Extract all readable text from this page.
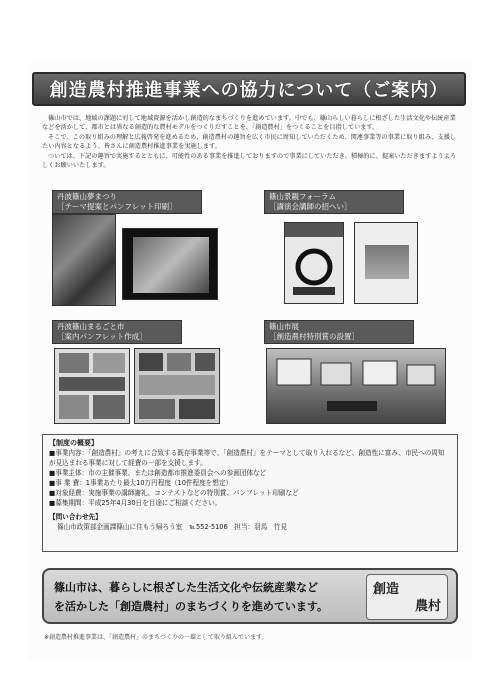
創造農村推進事業への協力について（ご案内）

篠山市では、地域の課題に対して地域資源を活かし創造的なまちづくりを進めています。中でも、篠山らしい暮らしに根ざした生活文化や伝統産業などを活かして、都市とは異なる創造的な農村モデルをつくりだすことを、「創造農村」をつくることを目指しています。

そこで、この取り組みの理解と広報啓発を進めるため、創造農村の趣旨を広く市民に周知していただくため、関連事業等の事業に取り組み、支援したい内容となるよう、皆さんに創造農村推進事業を実施します。

ついては、下記の趣旨で実施するとともに、可能性のある事業を推進しておりますので事業にしていただき、積極的に、提案いただきますようよろしくお願いいたします。

丹波篠山夢まつり
［テーマ提案とパンフレット印刷］
篠山景観フォーラム
［講演会講師の招へい］
丹波篠山まるごと市
［案内パンフレット作成］
篠山市展
［創造農村特別賞の設置］
【制度の概要】
■事業内容：「創造農村」の考えに合致する既存事業等で、「創造農村」をテーマとして取り入れるなど、創造性に富み、市民への周知が見込まれる事業に対して経費の一部を支援します。
■事業主体：市の主催事業、または創造都市推進委員会への参画団体など
■事 業 費：1事業あたり最大10万円程度（10件程度を想定）
■対象経費：実施事業の講師謝礼、コンテストなどの特別賞、パンフレット印刷など
■募集期間：平成25年4月30日を目途にご相談ください。
【問い合わせ先】
篠山市政策部企画課篠山に住もう帰ろう室　℡552-5106　担当：羽馬　竹見
篠山市は、暮らしに根ざした生活文化や伝統産業など
を活かした「創造農村」のまちづくりを進めています。
創造
農村
※創造農村推進事業は、「創造農村」のまちづくりの一環として取り組んでいます。
